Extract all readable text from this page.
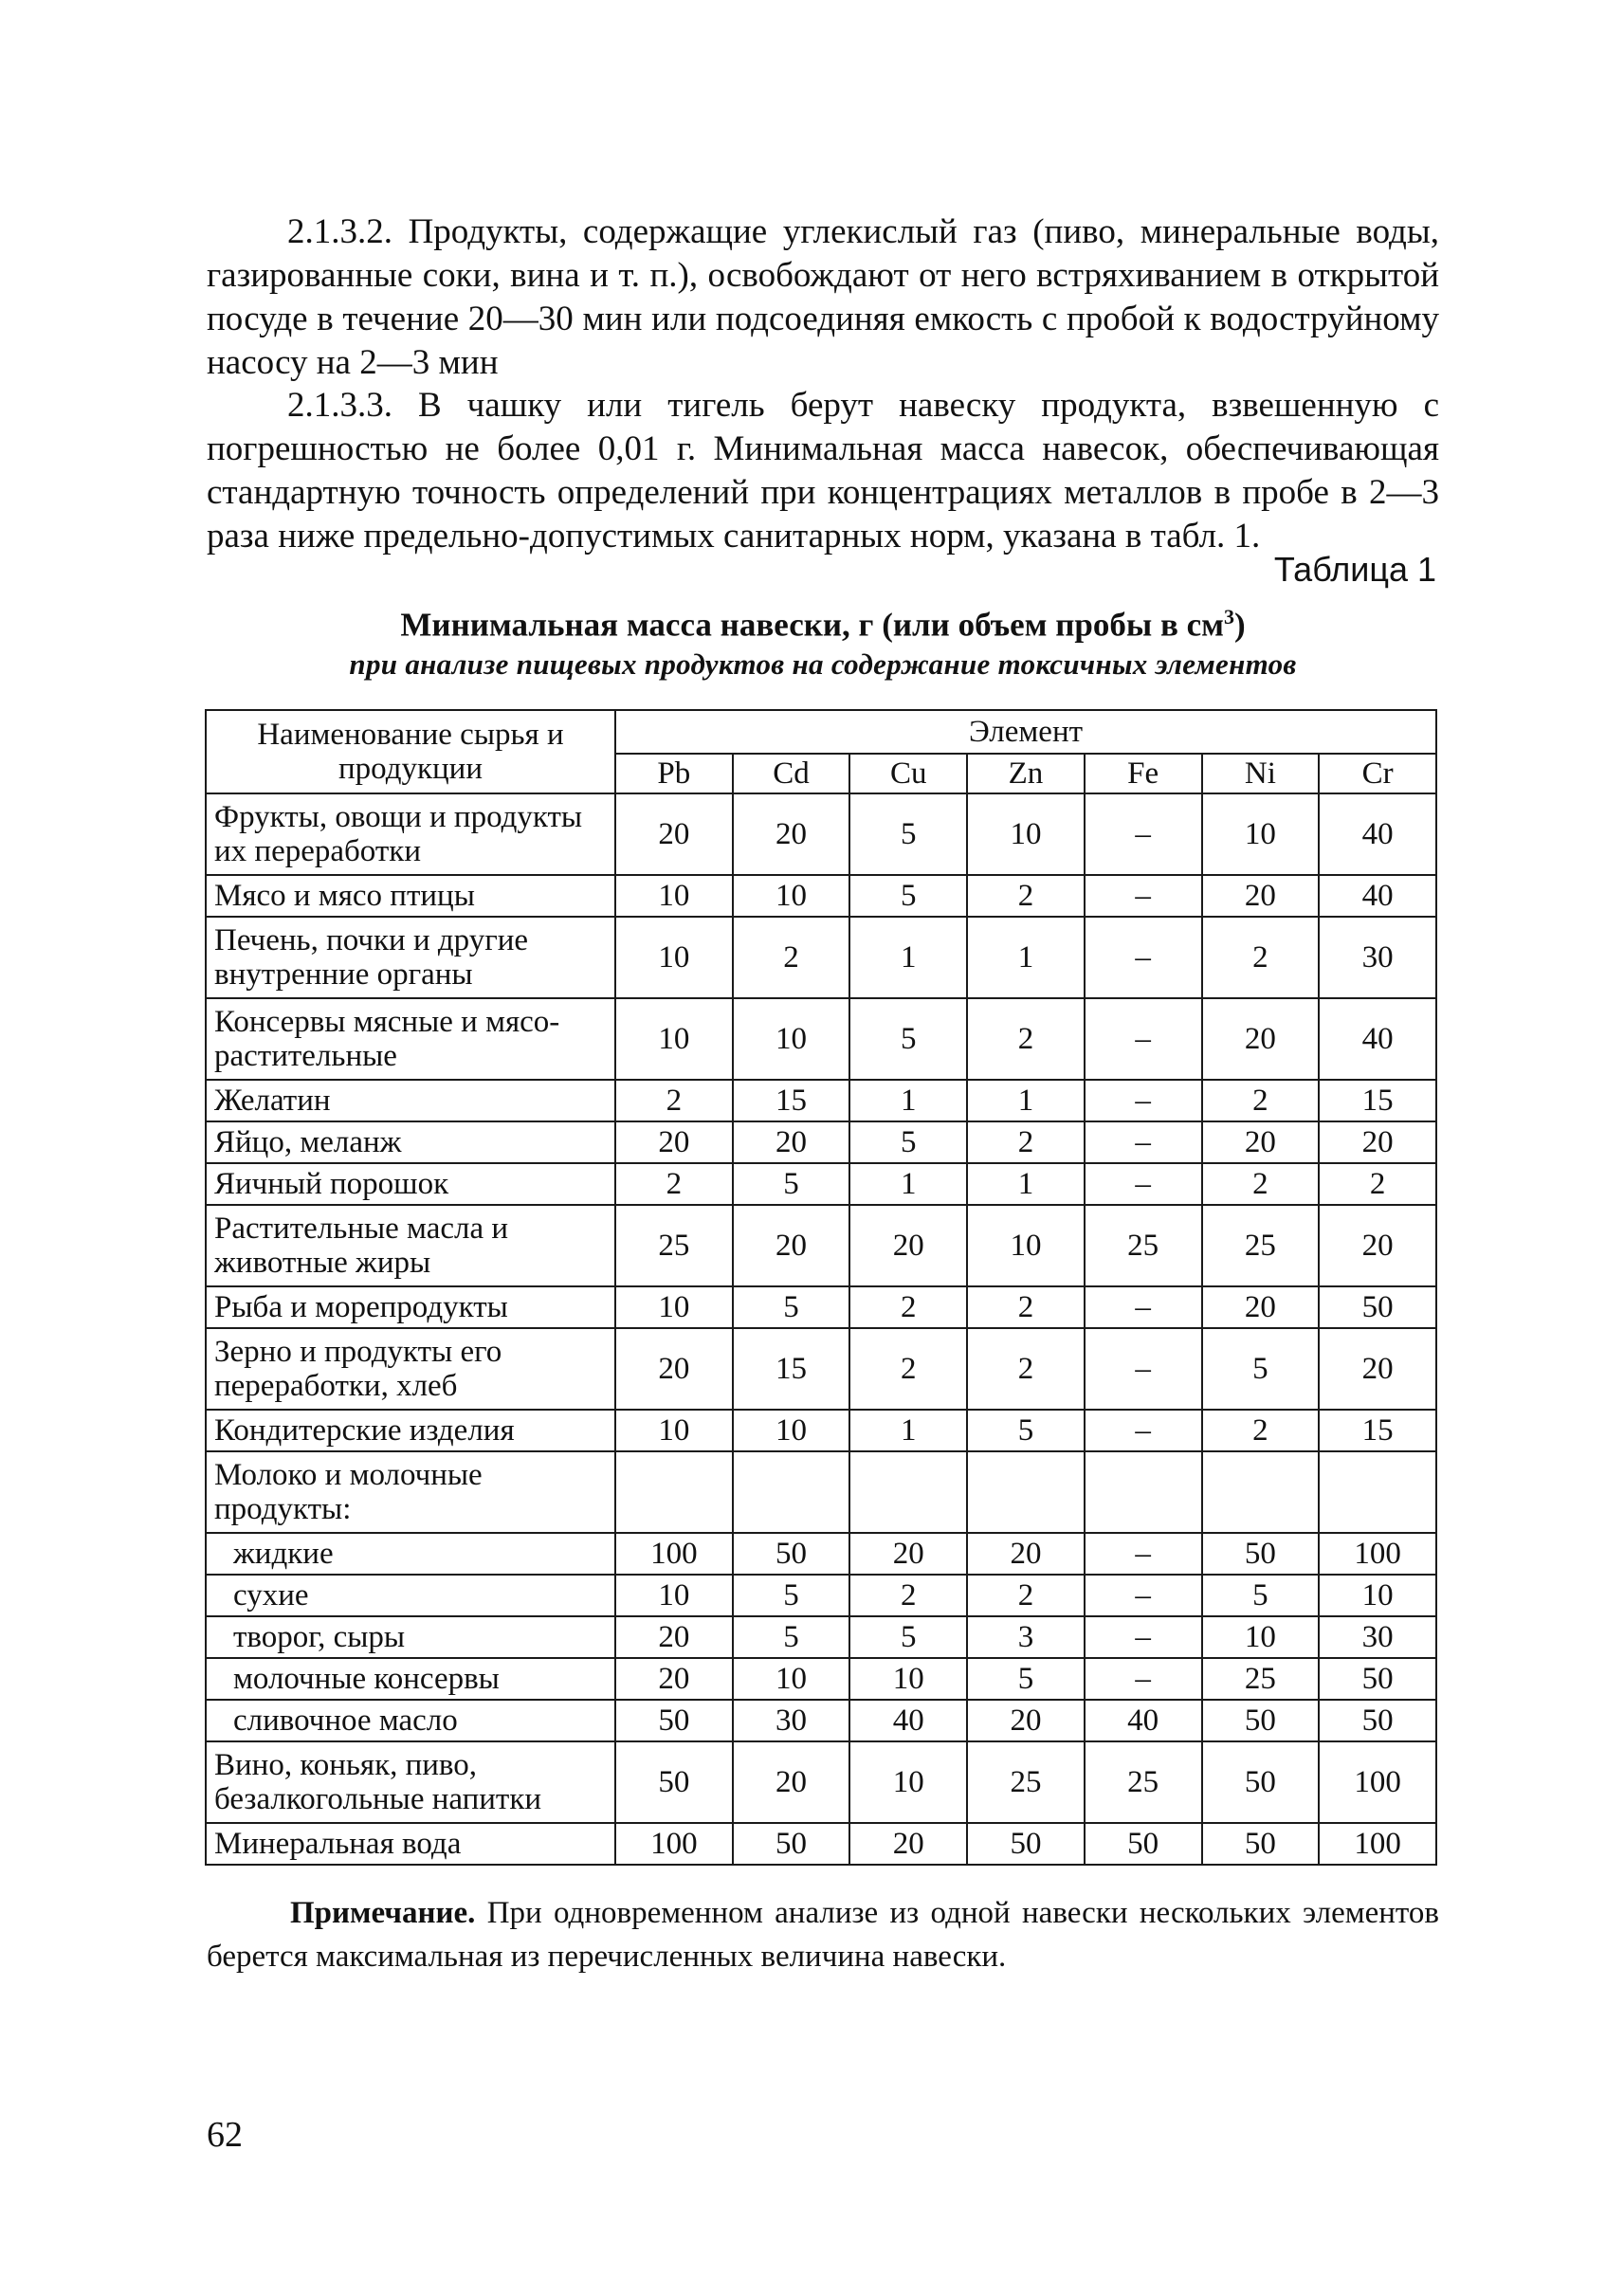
2.1.3.2. Продукты, содержащие углекислый газ (пиво, минеральные воды, газированные соки, вина и т. п.), освобождают от него встряхиванием в открытой посуде в течение 20—30 мин или подсоединяя емкость с пробой к водоструйному насосу на 2—3 мин

2.1.3.3. В чашку или тигель берут навеску продукта, взвешенную с погрешностью не более 0,01 г. Минимальная масса навесок, обеспечивающая стандартную точность определений при концентрациях металлов в пробе в 2—3 раза ниже предельно-допустимых санитарных норм, указана в табл. 1.

Таблица 1

Минимальная масса навески, г (или объем пробы в $см^3$)

при анализе пищевых продуктов на содержание токсичных элементов

Наименование сырья и продукции	Элемент						
	Pb	Cd	Cu	Zn	Fe	Ni	Cr
Фрукты, овощи и продукты их переработки	20	20	5	10	–	10	40
Мясо и мясо птицы	10	10	5	2	–	20	40
Печень, почки и другие внутренние органы	10	2	1	1	–	2	30
Консервы мясные и мясо-растительные	10	10	5	2	–	20	40
Желатин	2	15	1	1	–	2	15
Яйцо, меланж	20	20	5	2	–	20	20
Яичный порошок	2	5	1	1	–	2	2
Растительные масла и животные жиры	25	20	20	10	25	25	20
Рыба и морепродукты	10	5	2	2	–	20	50
Зерно и продукты его переработки, хлеб	20	15	2	2	–	5	20
Кондитерские изделия	10	10	1	5	–	2	15
Молоко и молочные продукты:							
жидкие	100	50	20	20	–	50	100
сухие	10	5	2	2	–	5	10
творог, сыры	20	5	5	3	–	10	30
молочные консервы	20	10	10	5	–	25	50
сливочное масло	50	30	40	20	40	50	50
Вино, коньяк, пиво, безалкогольные напитки	50	20	10	25	25	50	100
Минеральная вода	100	50	20	50	50	50	100

Примечание. При одновременном анализе из одной навески нескольких элементов берется максимальная из перечисленных величина навески.

62
